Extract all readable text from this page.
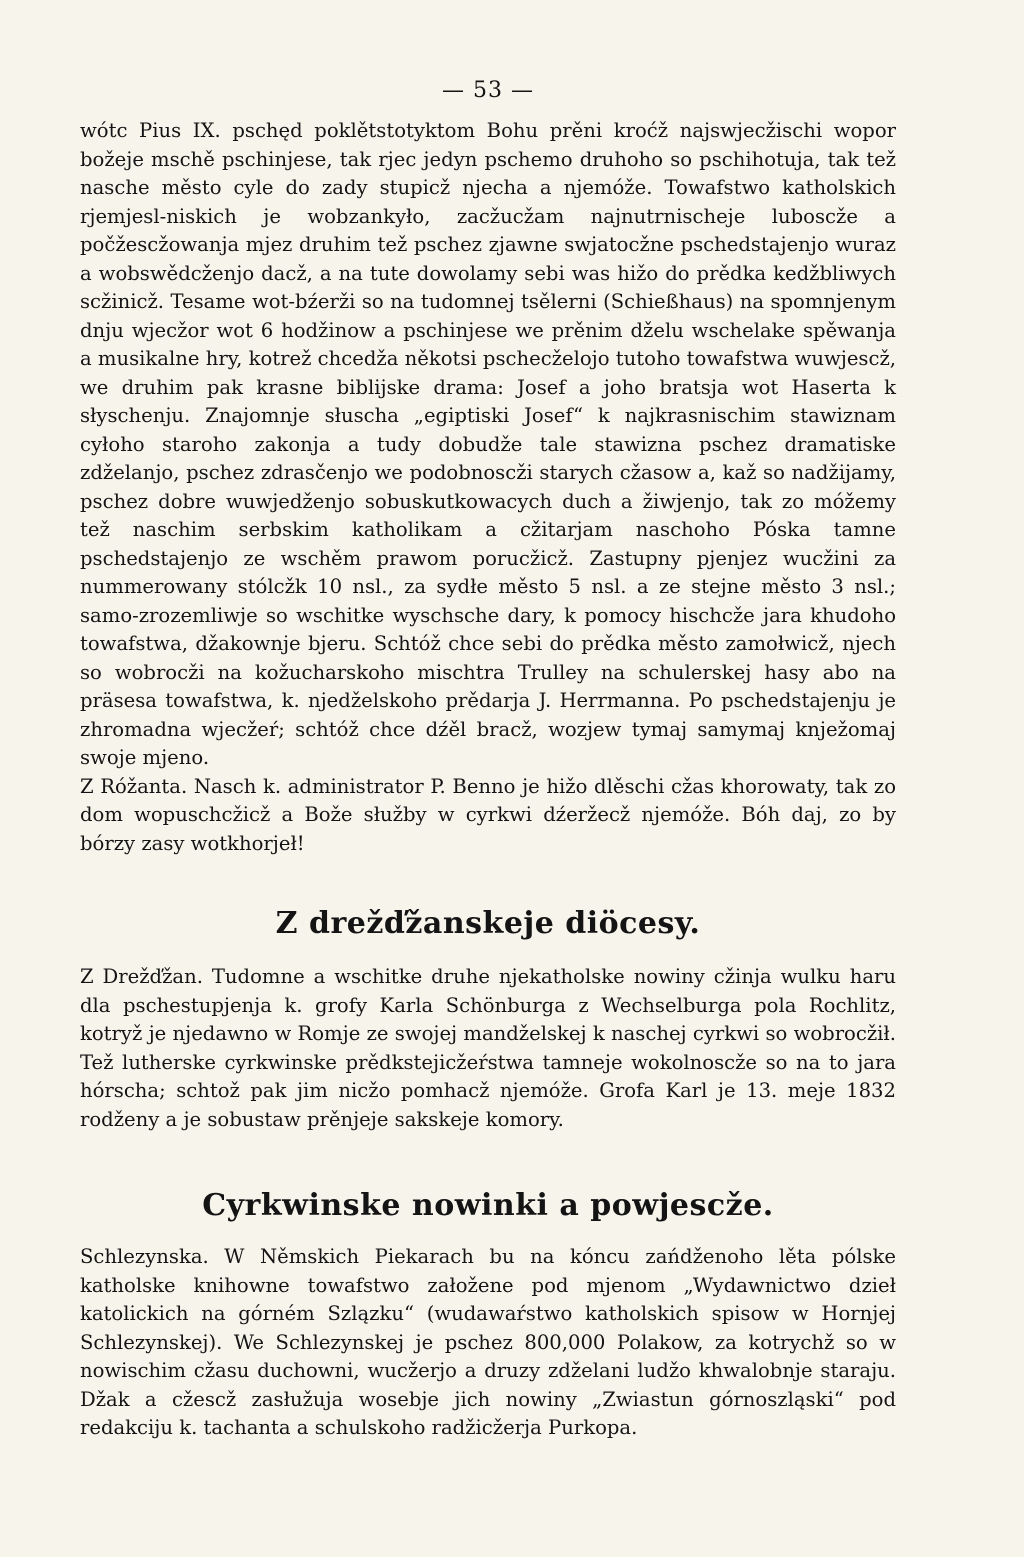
— 53 —

wótc Pius IX. pschęd poklětstotyktom Bohu prěni kroćž najswjecžischi wopor božeje mschě pschinjese, tak rjec jedyn pschemo druhoho so pschihotuja, tak tež nasche město cyle do zady stupicž njecha a njemóže. Towafstwo katholskich rjemjesl-niskich je wobzankyło, zacžucžam najnutrnischeje luboscže a počžescžowanja mjez druhim tež pschez zjawne swjatocžne pschedstajenjo wuraz a wobswědcženjo dacž, a na tute dowolamy sebi was hižo do prědka kedžbliwych scžinicž. Tesame wot-bźerži so na tudomnej tsělerni (Schießhaus) na spomnjenym dnju wjecžor wot 6 hodžinow a pschinjese we prěnim dželu wschelake spěwanja a musikalne hry, kotrež chcedža někotsi pschecželojo tutoho towafstwa wuwjescž, we druhim pak krasne biblijske drama: Josef a joho bratsja wot Haserta k słyschenju. Znajomnje słuscha „egiptiski Josef“ k najkrasnischim stawiznam cyłoho staroho zakonja a tudy dobudže tale stawizna pschez dramatiske zdželanjo, pschez zdrasčenjo we podobnoscži starych cžasow a, kaž so nadžijamy, pschez dobre wuwjedženjo sobuskutkowacych duch a žiwjenjo, tak zo móžemy tež naschim serbskim katholikam a cžitarjam naschoho Póska tamne pschedstajenjo ze wschěm prawom porucžicž. Zastupny pjenjez wucžini za nummerowany stólcžk 10 nsl., za sydłe město 5 nsl. a ze stejne město 3 nsl.; samo-zrozemliwje so wschitke wyschsche dary, k pomocy hischcže jara khudoho towafstwa, džakownje bjeru. Schtóž chce sebi do prědka město zamołwicž, njech so wobrocži na kožucharskoho mischtra Trulley na schulerskej hasy abo na präsesa towafstwa, k. njedželskoho prědarja J. Herrmanna. Po pschedstajenju je zhromadna wjecžeŕ; schtóž chce dźěl bracž, wozjew tymaj samymaj knježomaj swoje mjeno.

Z Róžanta. Nasch k. administrator P. Benno je hižo dlěschi cžas khorowaty, tak zo dom wopuschcžicž a Bože słužby w cyrkwi dźeržecž njemóže. Bóh daj, zo by bórzy zasy wotkhorjeł!

Z drežďžanskeje diöcesy.

Z Drežďžan. Tudomne a wschitke druhe njekatholske nowiny cžinja wulku haru dla pschestupjenja k. grofy Karla Schönburga z Wechselburga pola Rochlitz, kotryž je njedawno w Romje ze swojej mandželskej k naschej cyrkwi so wobrocžił. Tež lutherske cyrkwinske prědkstejicžeŕstwa tamneje wokolnoscže so na to jara hórscha; schtož pak jim nicžo pomhacž njemóže. Grofa Karl je 13. meje 1832 rodženy a je sobustaw prěnjeje sakskeje komory.

Cyrkwinske nowinki a powjescže.

Schlezynska. W Němskich Piekarach bu na kóncu zańdženoho lěta pólske katholske knihowne towafstwo załožene pod mjenom „Wydawnictwo dzieł katolickich na górném Szlązku“ (wudawaŕstwo katholskich spisow w Hornjej Schlezynskej). We Schlezynskej je pschez 800,000 Polakow, za kotrychž so w nowischim cžasu duchowni, wucžerjo a druzy zdželani ludžo khwalobnje staraju. Džak a cžescž zasłužuja wosebje jich nowiny „Zwiastun górnoszląski“ pod redakciju k. tachanta a schulskoho radžicžerja Purkopa.
